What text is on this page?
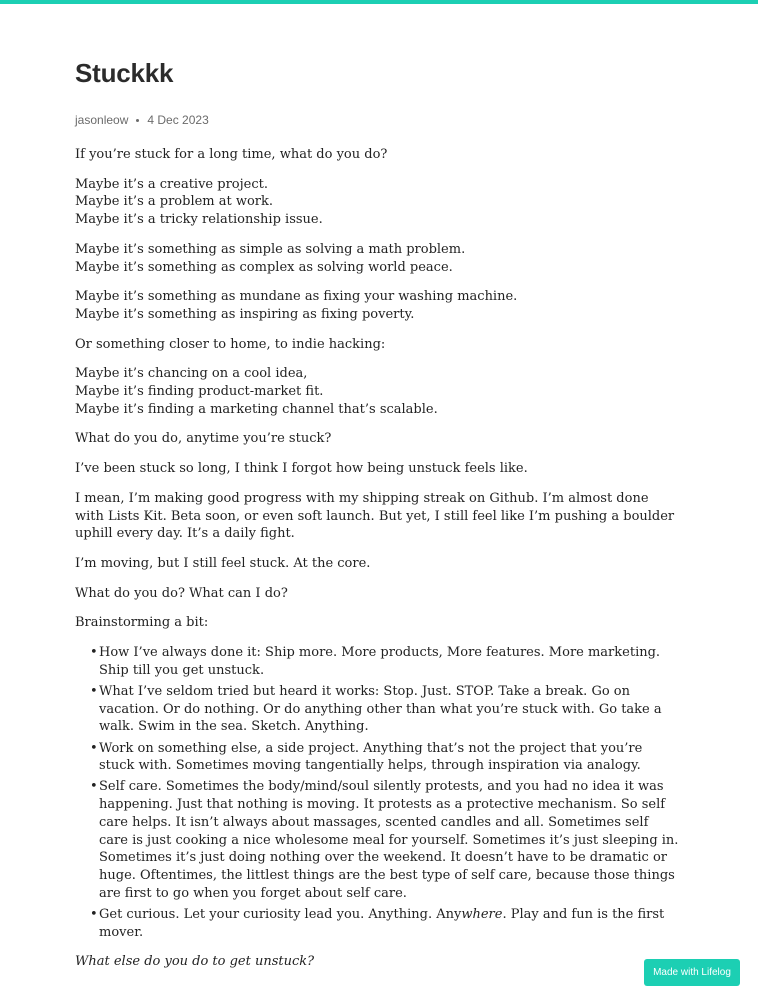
Stuckkk
jasonleow 4 Dec 2023

If you’re stuck for a long time, what do you do?

Maybe it’s a creative project.
Maybe it’s a problem at work.
Maybe it’s a tricky relationship issue.

Maybe it’s something as simple as solving a math problem.
Maybe it’s something as complex as solving world peace.

Maybe it’s something as mundane as fixing your washing machine.
Maybe it’s something as inspiring as fixing poverty.

Or something closer to home, to indie hacking:

Maybe it’s chancing on a cool idea,
Maybe it’s finding product-market fit.
Maybe it’s finding a marketing channel that’s scalable.

What do you do, anytime you’re stuck?

I’ve been stuck so long, I think I forgot how being unstuck feels like.

I mean, I’m making good progress with my shipping streak on Github. I’m almost done with Lists Kit. Beta soon, or even soft launch. But yet, I still feel like I’m pushing a boulder uphill every day. It’s a daily fight.

I’m moving, but I still feel stuck. At the core.

What do you do? What can I do?

Brainstorming a bit:

• How I’ve always done it: Ship more. More products, More features. More marketing. Ship till you get unstuck.
• What I’ve seldom tried but heard it works: Stop. Just. STOP. Take a break. Go on vacation. Or do nothing. Or do anything other than what you’re stuck with. Go take a walk. Swim in the sea. Sketch. Anything.
• Work on something else, a side project. Anything that’s not the project that you’re stuck with. Sometimes moving tangentially helps, through inspiration via analogy.
• Self care. Sometimes the body/mind/soul silently protests, and you had no idea it was happening. Just that nothing is moving. It protests as a protective mechanism. So self care helps. It isn’t always about massages, scented candles and all. Sometimes self care is just cooking a nice wholesome meal for yourself. Sometimes it’s just sleeping in. Sometimes it’s just doing nothing over the weekend. It doesn’t have to be dramatic or huge. Oftentimes, the littlest things are the best type of self care, because those things are first to go when you forget about self care.
• Get curious. Let your curiosity lead you. Anything. Anywhere. Play and fun is the first mover.

What else do you do to get unstuck?

Made with Lifelog
